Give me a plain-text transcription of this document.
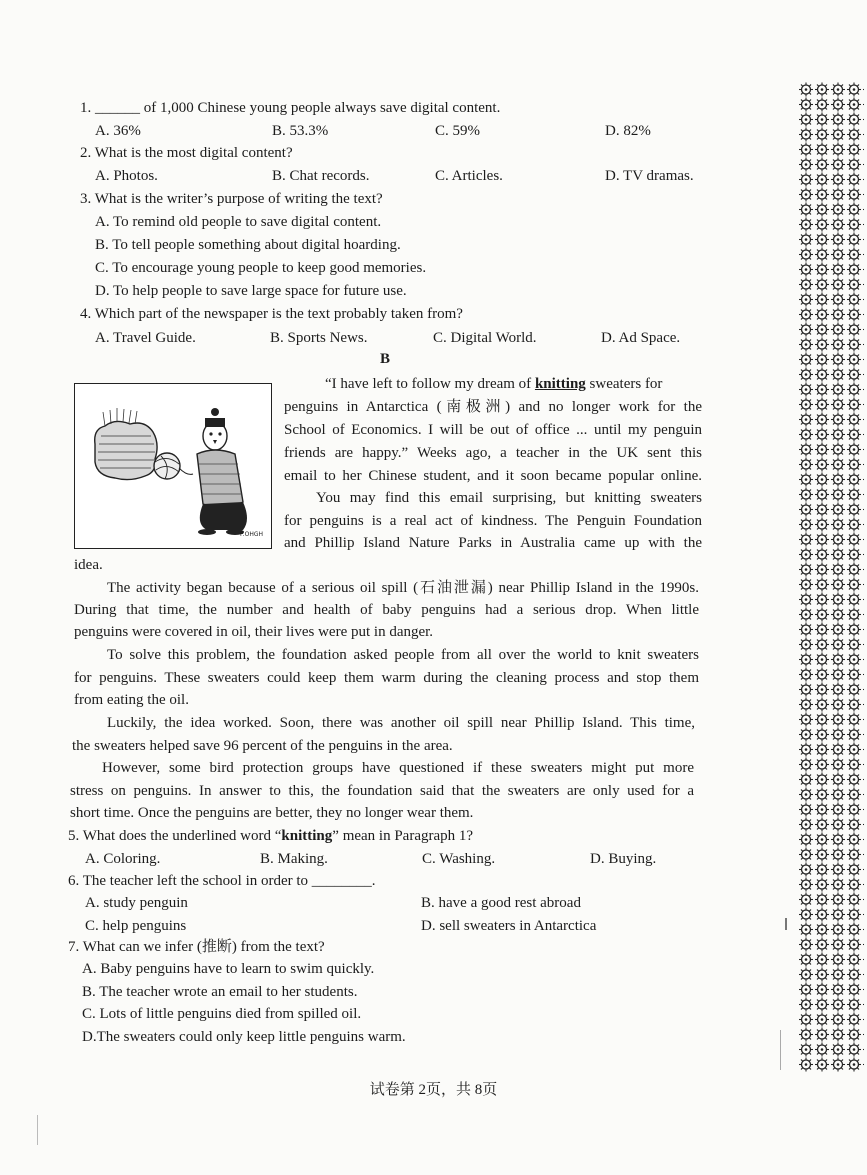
1. ______ of 1,000 Chinese young people always save digital content.
A. 36%	B. 53.3%	C. 59%	D. 82%
2. What is the most digital content?
A. Photos.	B. Chat records.	C. Articles.	D. TV dramas.
3. What is the writer’s purpose of writing the text?
A. To remind old people to save digital content.
B. To tell people something about digital hoarding.
C. To encourage young people to keep good memories.
D. To help people to save large space for future use.
4. Which part of the newspaper is the text probably taken from?
A. Travel Guide.	B. Sports News.	C. Digital World.	D. Ad Space.
B
P.OHGH
“I have left to follow my dream of knitting sweaters for
penguins in Antarctica (南极洲) and no longer work for the
School of Economics. I will be out of office ... until my penguin
friends are happy.” Weeks ago, a teacher in the UK sent this
email to her Chinese student, and it soon became popular online.
You may find this email surprising, but knitting sweaters
for penguins is a real act of kindness. The Penguin Foundation
and Phillip Island Nature Parks in Australia came up with the
idea.
The activity began because of a serious oil spill (石油泄漏) near Phillip Island in the 1990s.
During that time, the number and health of baby penguins had a serious drop. When little
penguins were covered in oil, their lives were put in danger.
To solve this problem, the foundation asked people from all over the world to knit sweaters
for penguins. These sweaters could keep them warm during the cleaning process and stop them
from eating the oil.
Luckily, the idea worked. Soon, there was another oil spill near Phillip Island. This time,
the sweaters helped save 96 percent of the penguins in the area.
However, some bird protection groups have questioned if these sweaters might put more
stress on penguins. In answer to this, the foundation said that the sweaters are only used for a
short time. Once the penguins are better, they no longer wear them.
5. What does the underlined word “knitting” mean in Paragraph 1?
A. Coloring.	B. Making.	C. Washing.	D. Buying.
6. The teacher left the school in order to ________.
A. study penguin	B. have a good rest abroad
C. help penguins	D. sell sweaters in Antarctica
7. What can we infer (推断) from the text?
A. Baby penguins have to learn to swim quickly.
B. The teacher wrote an email to her students.
C. Lots of little penguins died from spilled oil.
D.The sweaters could only keep little penguins warm.
试卷第 2页，共 8页
